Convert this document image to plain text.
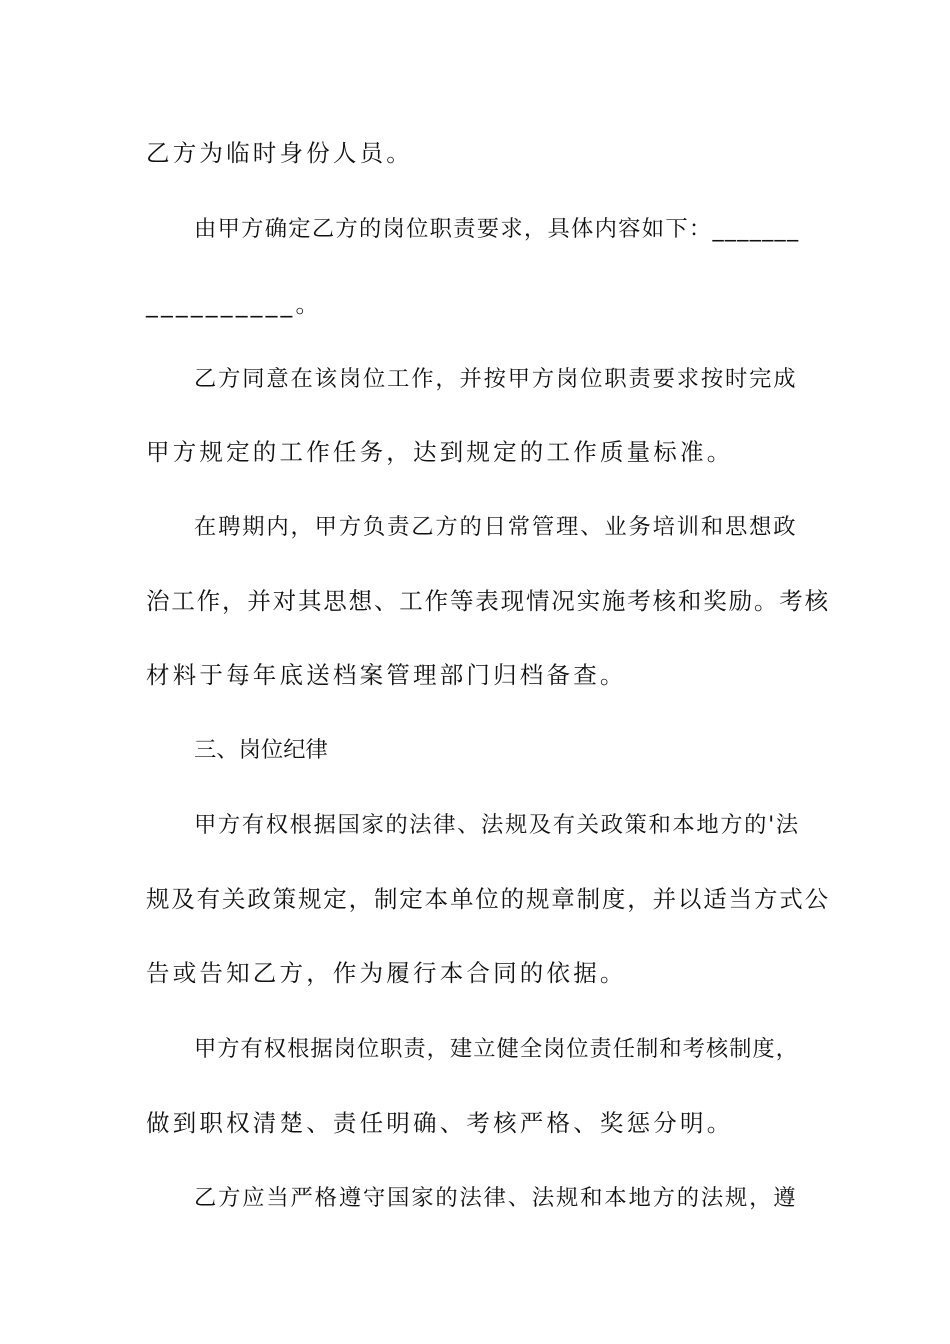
乙方为临时身份人员。
由甲方确定乙方的岗位职责要求，具体内容如下：_______
__________。
乙方同意在该岗位工作，并按甲方岗位职责要求按时完成
甲方规定的工作任务，达到规定的工作质量标准。
在聘期内，甲方负责乙方的日常管理、业务培训和思想政
治工作，并对其思想、工作等表现情况实施考核和奖励。考核
材料于每年底送档案管理部门归档备查。
三、岗位纪律
甲方有权根据国家的法律、法规及有关政策和本地方的'法
规及有关政策规定，制定本单位的规章制度，并以适当方式公
告或告知乙方，作为履行本合同的依据。
甲方有权根据岗位职责，建立健全岗位责任制和考核制度，
做到职权清楚、责任明确、考核严格、奖惩分明。
乙方应当严格遵守国家的法律、法规和本地方的法规，遵
